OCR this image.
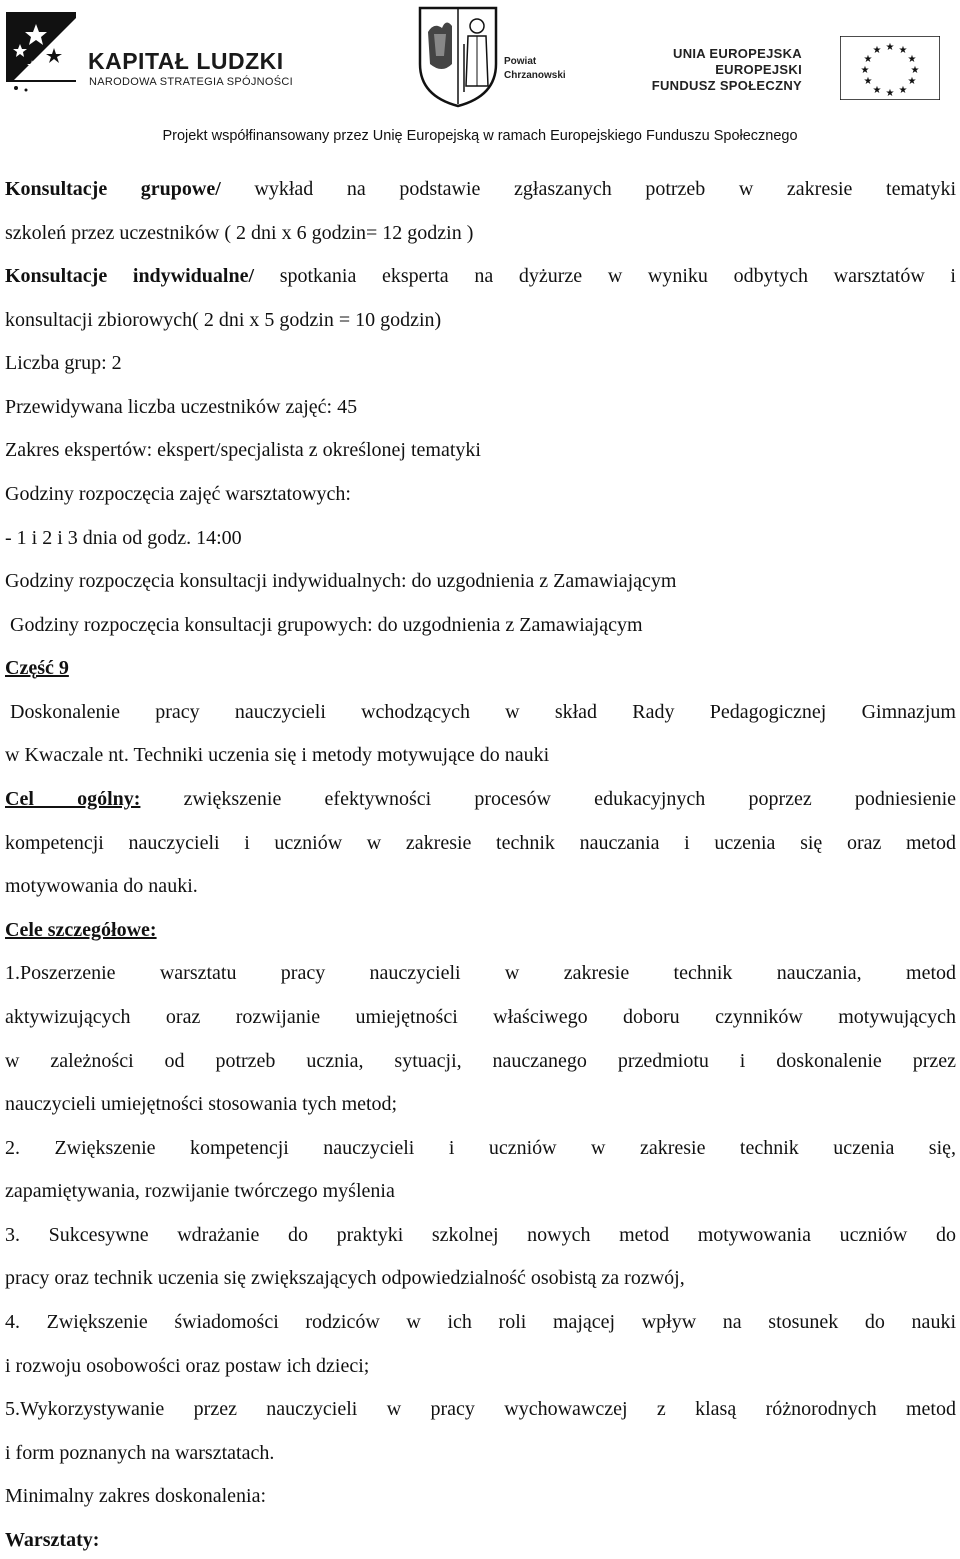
KAPITAŁ LUDZKI
NARODOWA STRATEGIA SPÓJNOŚCI
Powiat
Chrzanowski
UNIA EUROPEJSKA
EUROPEJSKI
FUNDUSZ SPOŁECZNY
★ ★
★
★
★
★
★
★
★
★
★
★
Projekt współfinansowany przez Unię Europejską w ramach Europejskiego Funduszu Społecznego
Konsultacje grupowe/ wykład na podstawie zgłaszanych potrzeb w zakresie tematyki
szkoleń przez uczestników ( 2 dni x 6 godzin= 12 godzin )
Konsultacje indywidualne/ spotkania eksperta na dyżurze w wyniku odbytych warsztatów i
konsultacji zbiorowych( 2 dni x 5 godzin = 10 godzin)
Liczba grup: 2
Przewidywana liczba uczestników zajęć: 45
Zakres ekspertów: ekspert/specjalista z określonej tematyki
Godziny rozpoczęcia zajęć warsztatowych:
- 1 i 2 i 3 dnia od godz. 14:00
Godziny rozpoczęcia konsultacji indywidualnych: do uzgodnienia z Zamawiającym
Godziny rozpoczęcia konsultacji grupowych: do uzgodnienia z Zamawiającym
Część 9
Doskonalenie pracy nauczycieli wchodzących w skład Rady Pedagogicznej Gimnazjum
w Kwaczale nt. Techniki uczenia się i metody motywujące do nauki
Cel ogólny: zwiększenie efektywności procesów edukacyjnych poprzez podniesienie
kompetencji nauczycieli i uczniów w zakresie technik nauczania i uczenia się oraz metod
motywowania do nauki.
Cele szczegółowe:
1.Poszerzenie warsztatu pracy nauczycieli w zakresie technik nauczania, metod
aktywizujących oraz rozwijanie umiejętności właściwego doboru czynników motywujących
w zależności od potrzeb ucznia, sytuacji, nauczanego przedmiotu i doskonalenie przez
nauczycieli umiejętności stosowania tych metod;
2. Zwiększenie kompetencji nauczycieli i uczniów w zakresie technik uczenia się,
zapamiętywania, rozwijanie twórczego myślenia
3. Sukcesywne wdrażanie do praktyki szkolnej nowych metod motywowania uczniów do
pracy oraz technik uczenia się zwiększających odpowiedzialność osobistą za rozwój,
4. Zwiększenie świadomości rodziców w ich roli mającej wpływ na stosunek do nauki
i rozwoju osobowości oraz postaw ich dzieci;
5.Wykorzystywanie przez nauczycieli w pracy wychowawczej z klasą różnorodnych metod
i form poznanych na warsztatach.
Minimalny zakres doskonalenia:
Warsztaty:
